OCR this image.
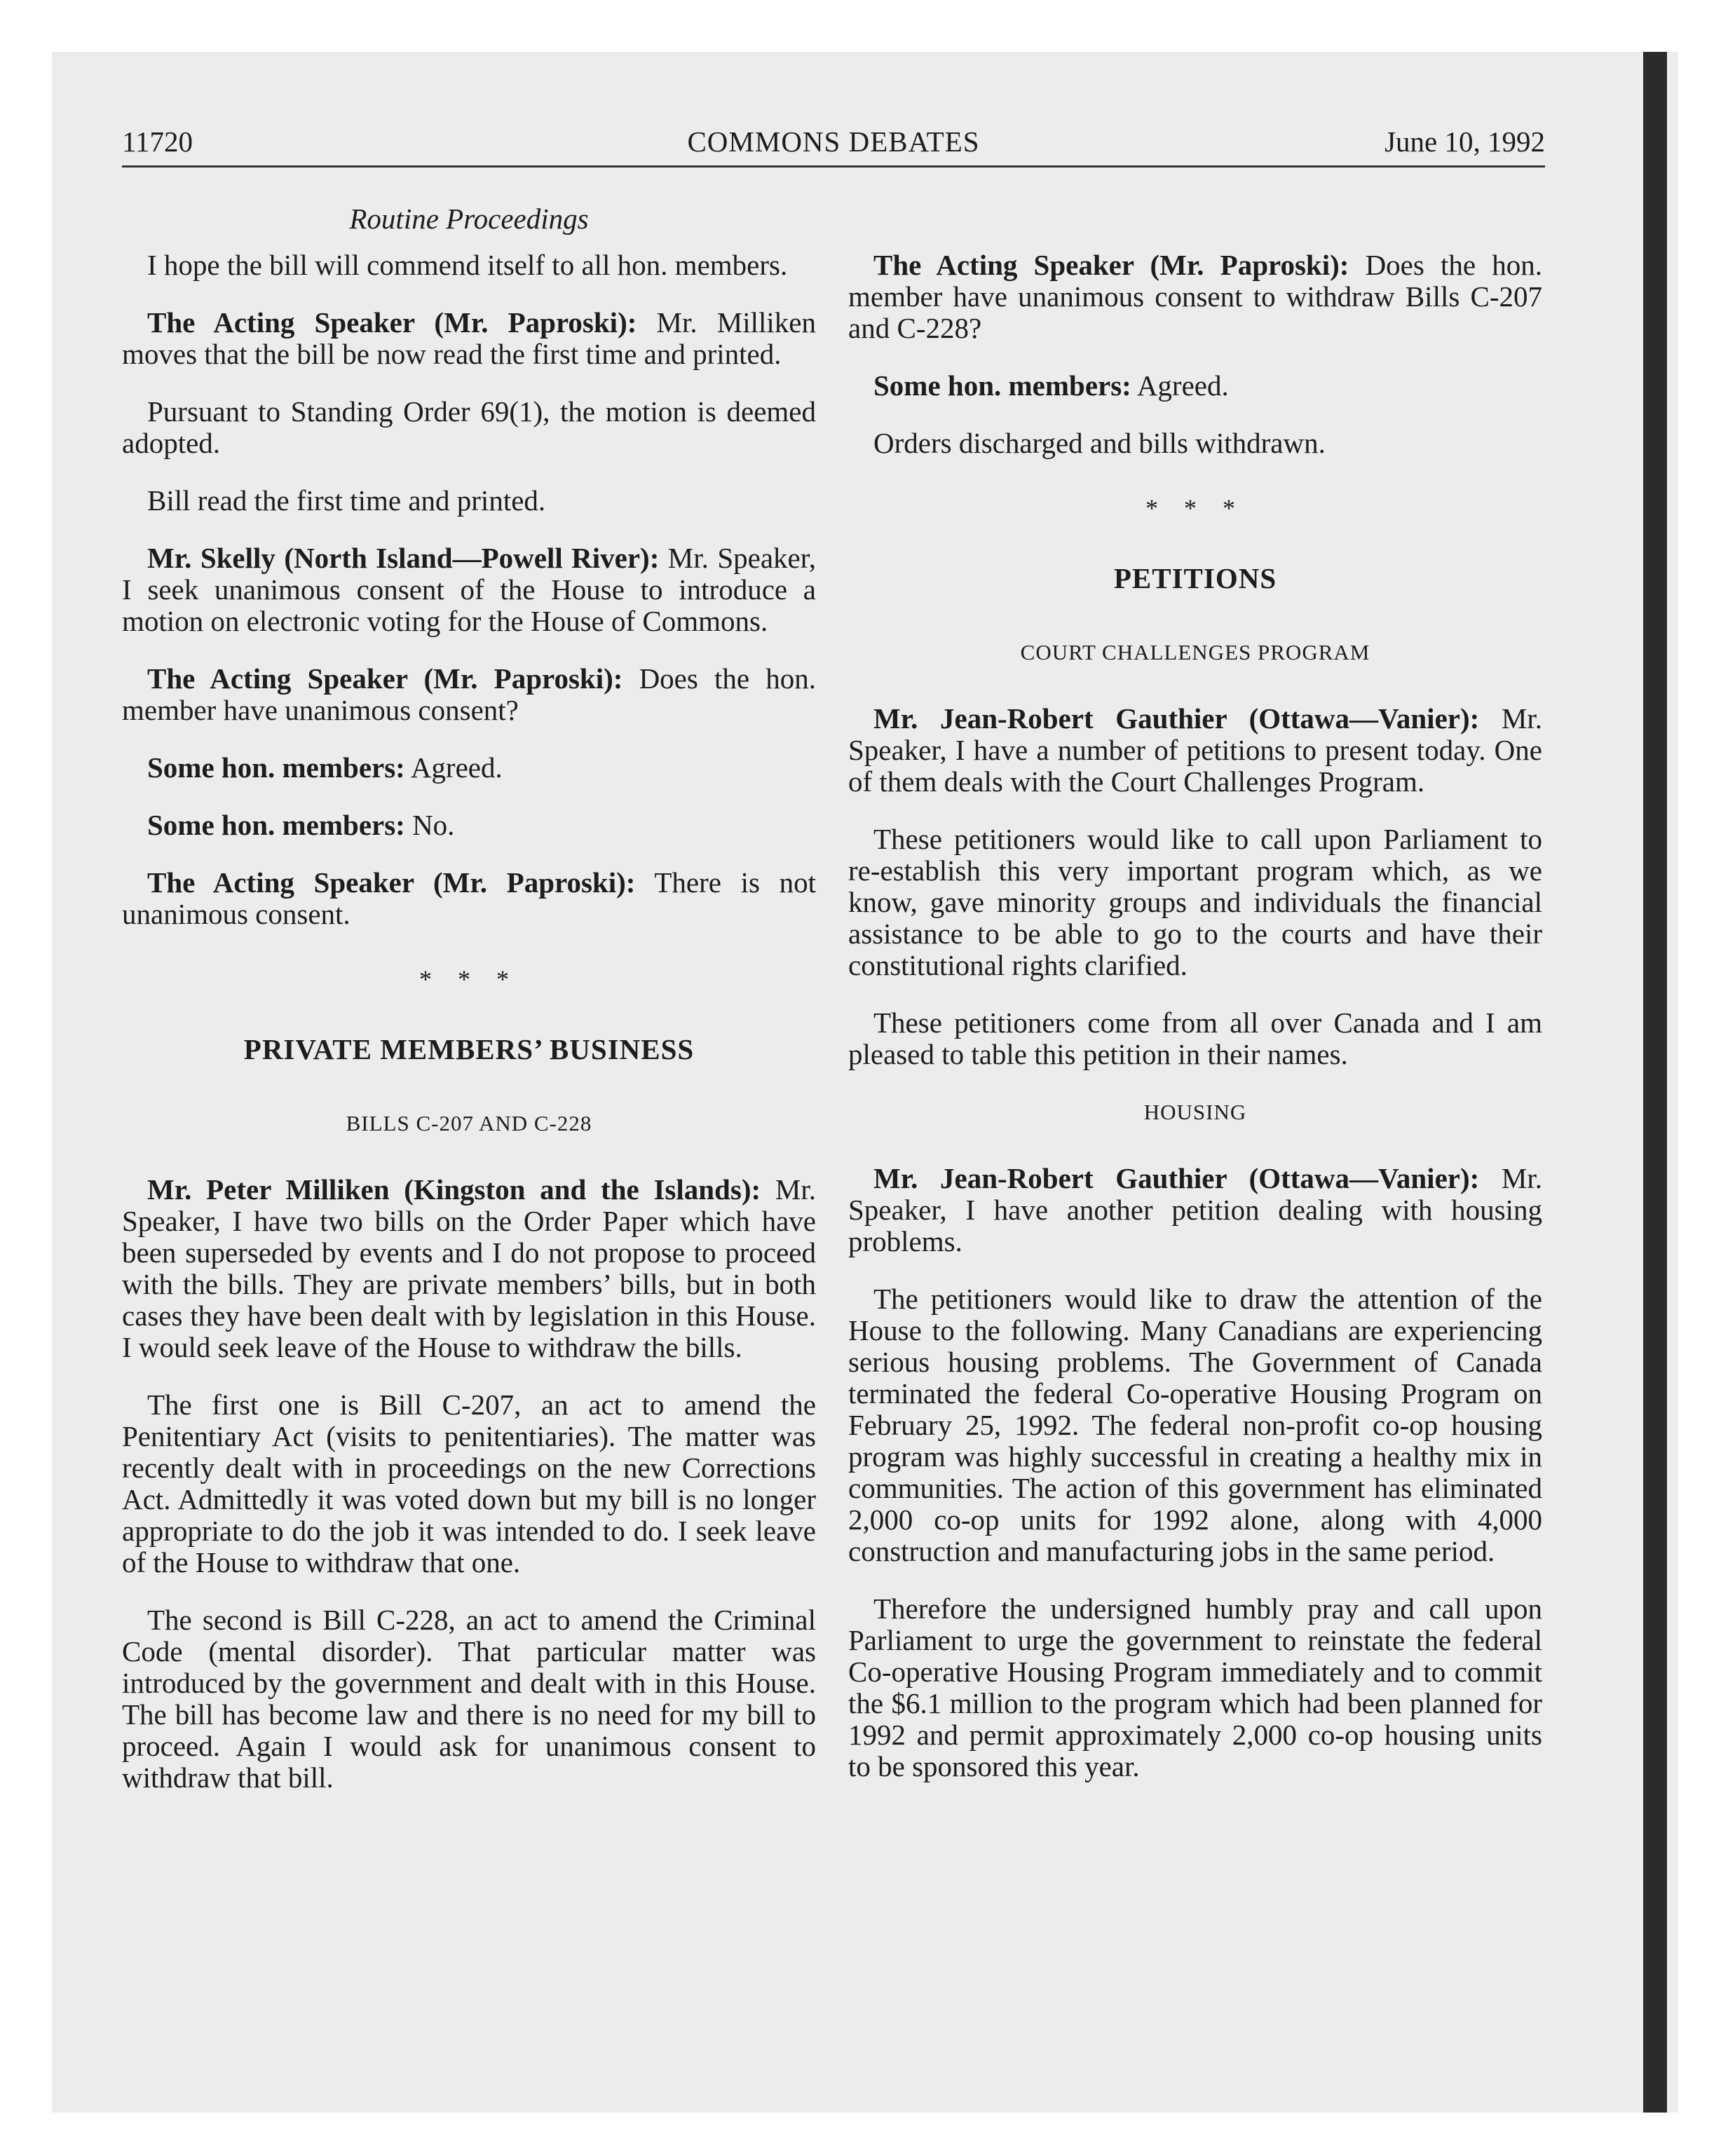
11720	COMMONS DEBATES	June 10, 1992
Routine Proceedings

I hope the bill will commend itself to all hon. members.

The Acting Speaker (Mr. Paproski): Mr. Milliken moves that the bill be now read the first time and printed.

Pursuant to Standing Order 69(1), the motion is deemed adopted.

Bill read the first time and printed.

Mr. Skelly (North Island—Powell River): Mr. Speaker, I seek unanimous consent of the House to introduce a motion on electronic voting for the House of Commons.

The Acting Speaker (Mr. Paproski): Does the hon. member have unanimous consent?

Some hon. members: Agreed.

Some hon. members: No.

The Acting Speaker (Mr. Paproski): There is not unanimous consent.

* * *
PRIVATE MEMBERS’ BUSINESS
BILLS C-207 AND C-228

Mr. Peter Milliken (Kingston and the Islands): Mr. Speaker, I have two bills on the Order Paper which have been superseded by events and I do not propose to proceed with the bills. They are private members’ bills, but in both cases they have been dealt with by legislation in this House. I would seek leave of the House to withdraw the bills.

The first one is Bill C-207, an act to amend the Penitentiary Act (visits to penitentiaries). The matter was recently dealt with in proceedings on the new Corrections Act. Admittedly it was voted down but my bill is no longer appropriate to do the job it was intended to do. I seek leave of the House to withdraw that one.

The second is Bill C-228, an act to amend the Criminal Code (mental disorder). That particular matter was introduced by the government and dealt with in this House. The bill has become law and there is no need for my bill to proceed. Again I would ask for unanimous consent to withdraw that bill.

The Acting Speaker (Mr. Paproski): Does the hon. member have unanimous consent to withdraw Bills C-207 and C-228?

Some hon. members: Agreed.

Orders discharged and bills withdrawn.

* * *
PETITIONS
COURT CHALLENGES PROGRAM

Mr. Jean-Robert Gauthier (Ottawa—Vanier): Mr. Speaker, I have a number of petitions to present today. One of them deals with the Court Challenges Program.

These petitioners would like to call upon Parliament to re-establish this very important program which, as we know, gave minority groups and individuals the financial assistance to be able to go to the courts and have their constitutional rights clarified.

These petitioners come from all over Canada and I am pleased to table this petition in their names.

HOUSING

Mr. Jean-Robert Gauthier (Ottawa—Vanier): Mr. Speaker, I have another petition dealing with housing problems.

The petitioners would like to draw the attention of the House to the following. Many Canadians are experiencing serious housing problems. The Government of Canada terminated the federal Co-operative Housing Program on February 25, 1992. The federal non-profit co-op housing program was highly successful in creating a healthy mix in communities. The action of this government has eliminated 2,000 co-op units for 1992 alone, along with 4,000 construction and manufacturing jobs in the same period.

Therefore the undersigned humbly pray and call upon Parliament to urge the government to reinstate the federal Co-operative Housing Program immediately and to commit the $6.1 million to the program which had been planned for 1992 and permit approximately 2,000 co-op housing units to be sponsored this year.
